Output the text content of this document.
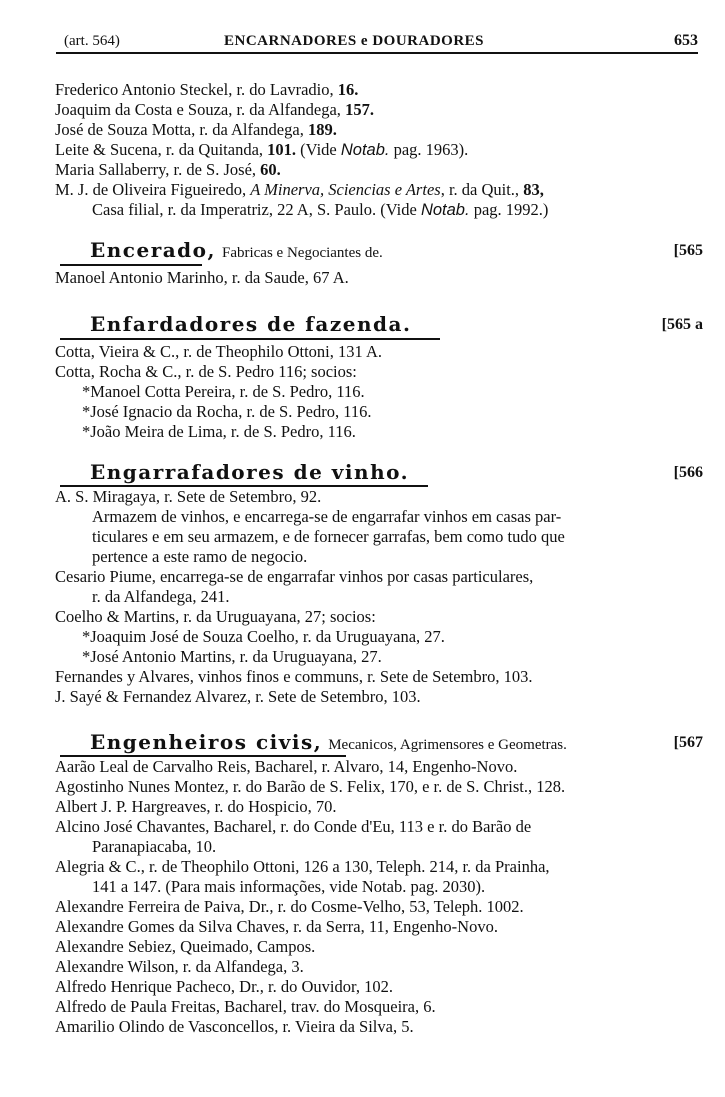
(art. 564)	ENCARNADORES e DOURADORES	653
Frederico Antonio Steckel, r. do Lavradio, 16.
Joaquim da Costa e Souza, r. da Alfandega, 157.
José de Souza Motta, r. da Alfandega, 189.
Leite & Sucena, r. da Quitanda, 101. (Vide Notab. pag. 1963).
Maria Sallaberry, r. de S. José, 60.
M. J. de Oliveira Figueiredo, A Minerva, Sciencias e Artes, r. da Quit., 83,
Casa filial, r. da Imperatriz, 22 A, S. Paulo. (Vide Notab. pag. 1992.)
Encerado, Fabricas e Negociantes de.	[565
Manoel Antonio Marinho, r. da Saude, 67 A.
Enfardadores de fazenda.	[565 a
Cotta, Vieira & C., r. de Theophilo Ottoni, 131 A.
Cotta, Rocha & C., r. de S. Pedro 116; socios:
*Manoel Cotta Pereira, r. de S. Pedro, 116.
*José Ignacio da Rocha, r. de S. Pedro, 116.
*João Meira de Lima, r. de S. Pedro, 116.
Engarrafadores de vinho.	[566
A. S. Miragaya, r. Sete de Setembro, 92.
Armazem de vinhos, e encarrega-se de engarrafar vinhos em casas par-
ticulares e em seu armazem, e de fornecer garrafas, bem como tudo que
pertence a este ramo de negocio.
Cesario Piume, encarrega-se de engarrafar vinhos por casas particulares,
r. da Alfandega, 241.
Coelho & Martins, r. da Uruguayana, 27; socios:
*Joaquim José de Souza Coelho, r. da Uruguayana, 27.
*José Antonio Martins, r. da Uruguayana, 27.
Fernandes y Alvares, vinhos finos e communs, r. Sete de Setembro, 103.
J. Sayé & Fernandez Alvarez, r. Sete de Setembro, 103.
Engenheiros civis, Mecanicos, Agrimensores e Geometras.	[567
Aarão Leal de Carvalho Reis, Bacharel, r. Alvaro, 14, Engenho-Novo.
Agostinho Nunes Montez, r. do Barão de S. Felix, 170, e r. de S. Christ., 128.
Albert J. P. Hargreaves, r. do Hospicio, 70.
Alcino José Chavantes, Bacharel, r. do Conde d'Eu, 113 e r. do Barão de
Paranapiacaba, 10.
Alegria & C., r. de Theophilo Ottoni, 126 a 130, Teleph. 214, r. da Prainha,
141 a 147. (Para mais informações, vide Notab. pag. 2030).
Alexandre Ferreira de Paiva, Dr., r. do Cosme-Velho, 53, Teleph. 1002.
Alexandre Gomes da Silva Chaves, r. da Serra, 11, Engenho-Novo.
Alexandre Sebiez, Queimado, Campos.
Alexandre Wilson, r. da Alfandega, 3.
Alfredo Henrique Pacheco, Dr., r. do Ouvidor, 102.
Alfredo de Paula Freitas, Bacharel, trav. do Mosqueira, 6.
Amarilio Olindo de Vasconcellos, r. Vieira da Silva, 5.
